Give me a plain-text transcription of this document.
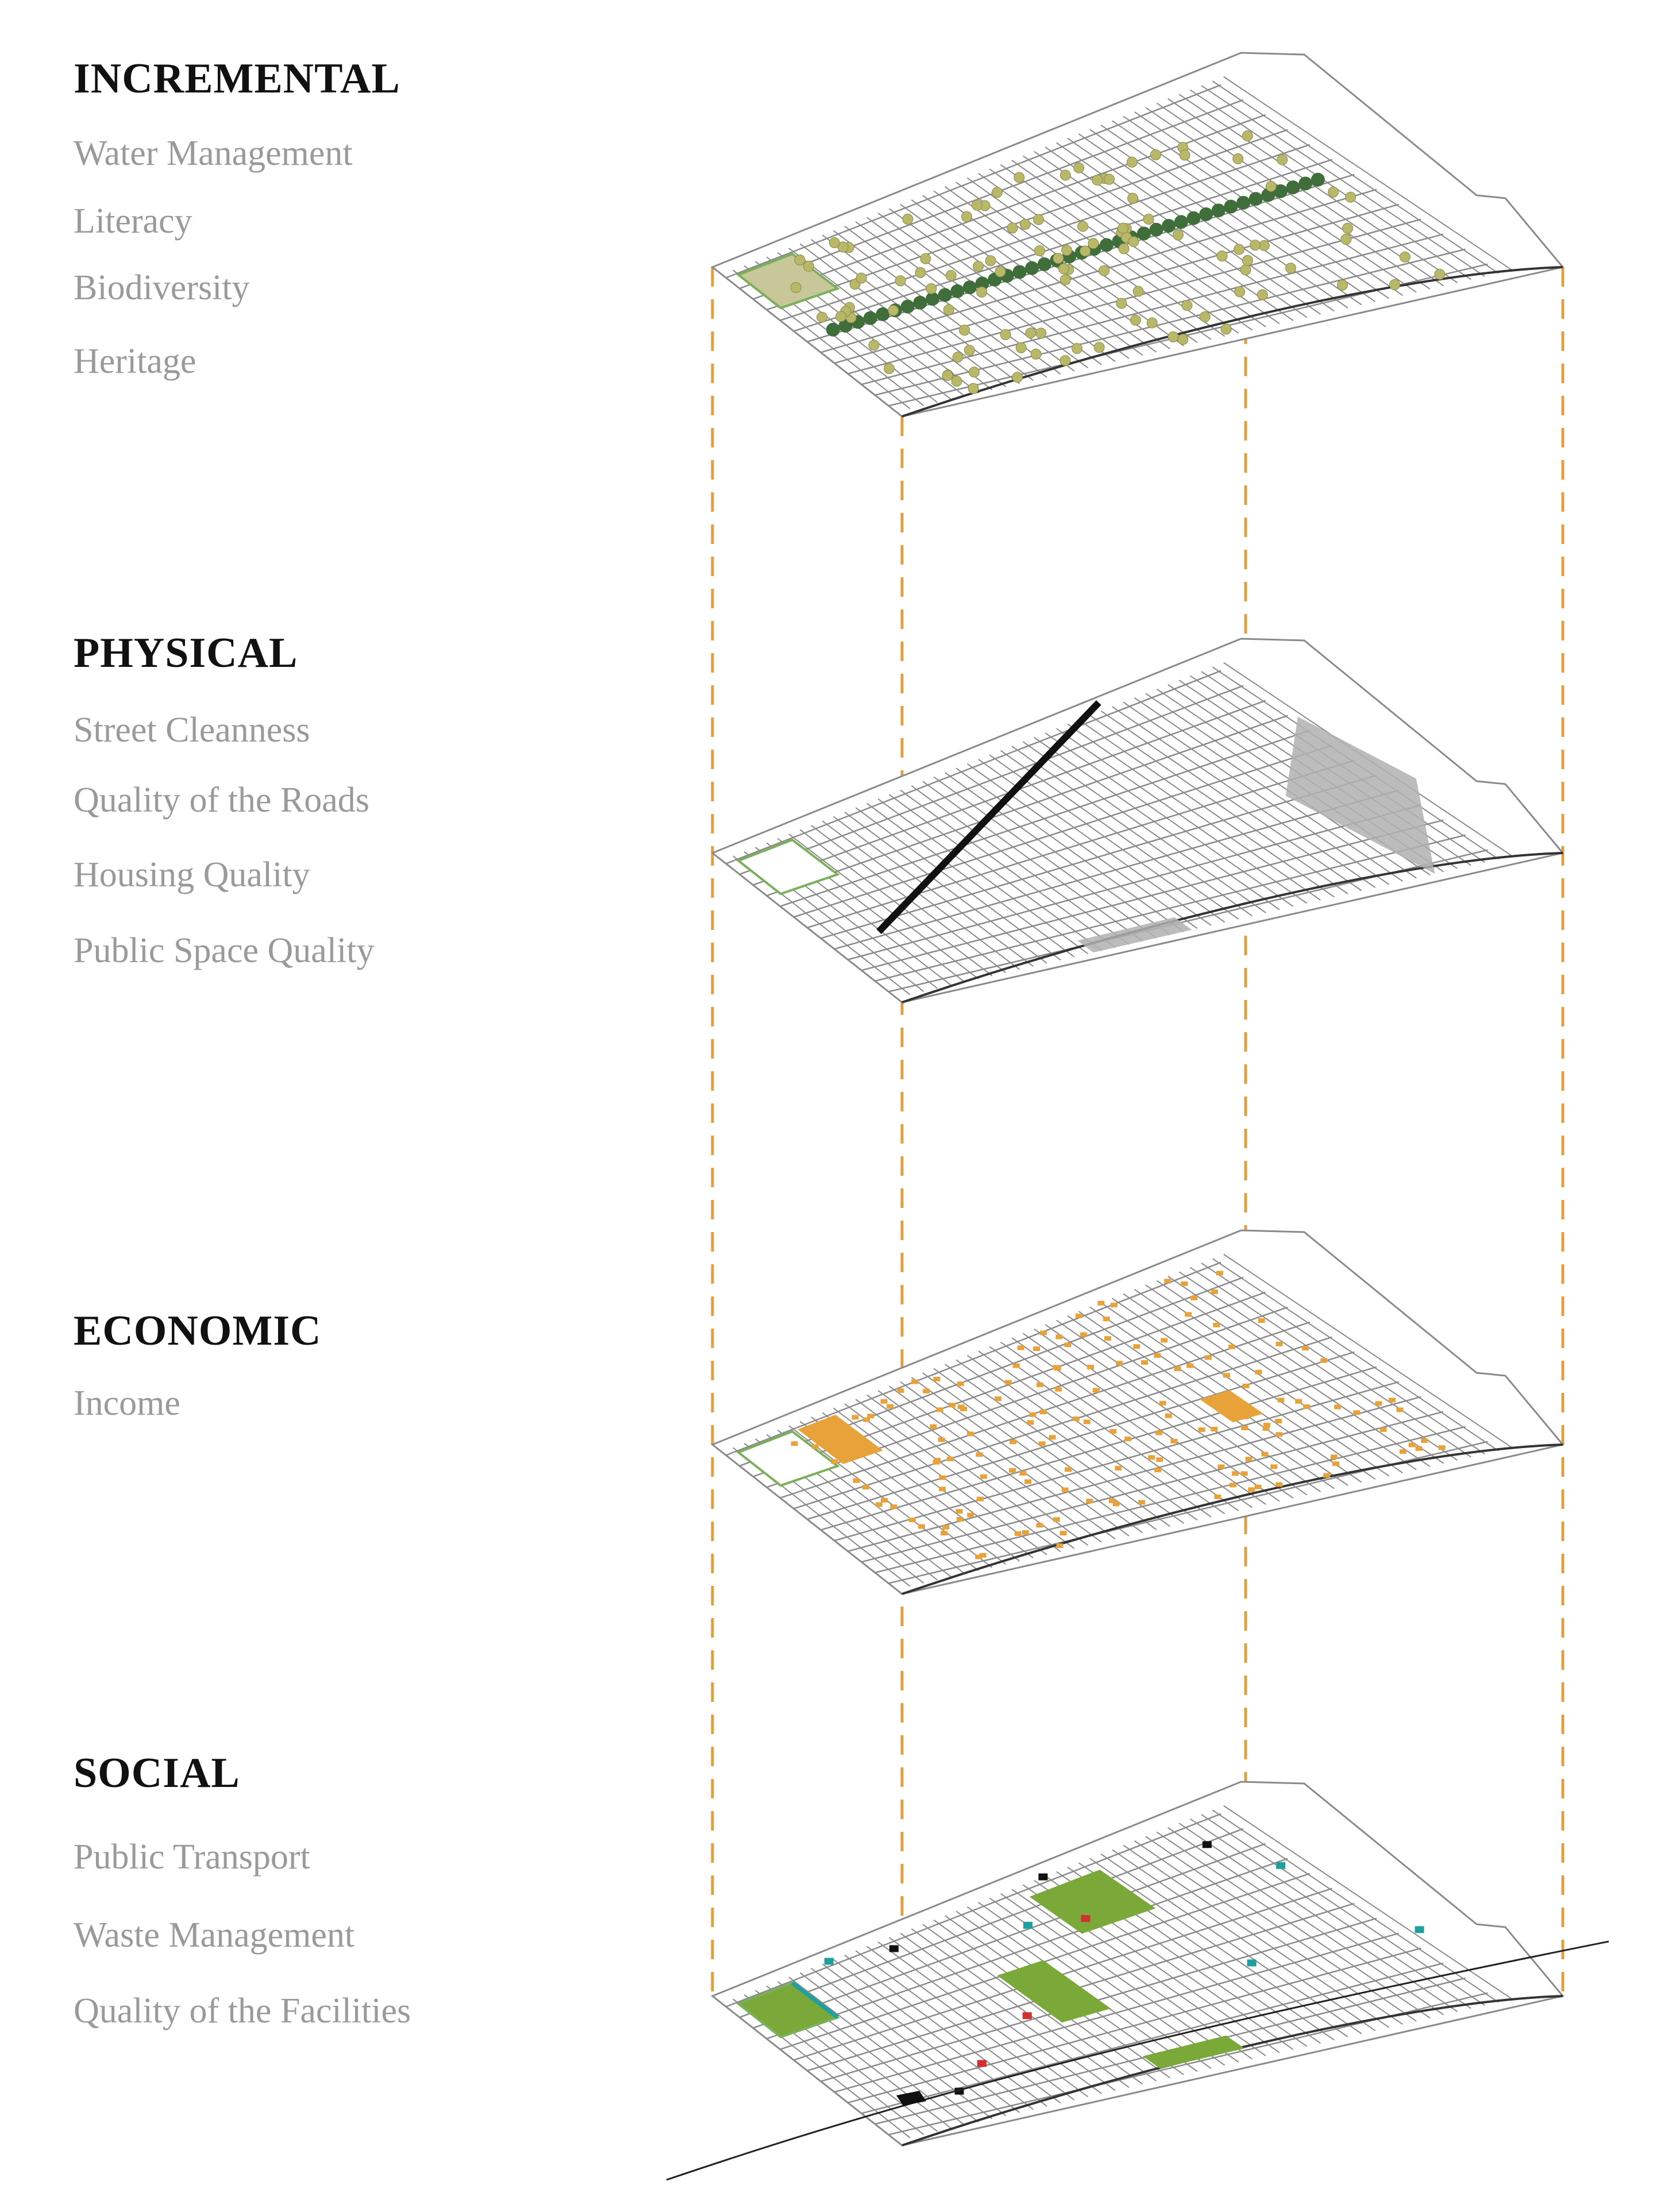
INCREMENTAL

Water Management

Literacy

Biodiversity

Heritage

PHYSICAL

Street Cleanness

Quality of the Roads

Housing Quality

Public Space Quality

ECONOMIC

Income

SOCIAL

Public Transport

Waste Management

Quality of the Facilities
